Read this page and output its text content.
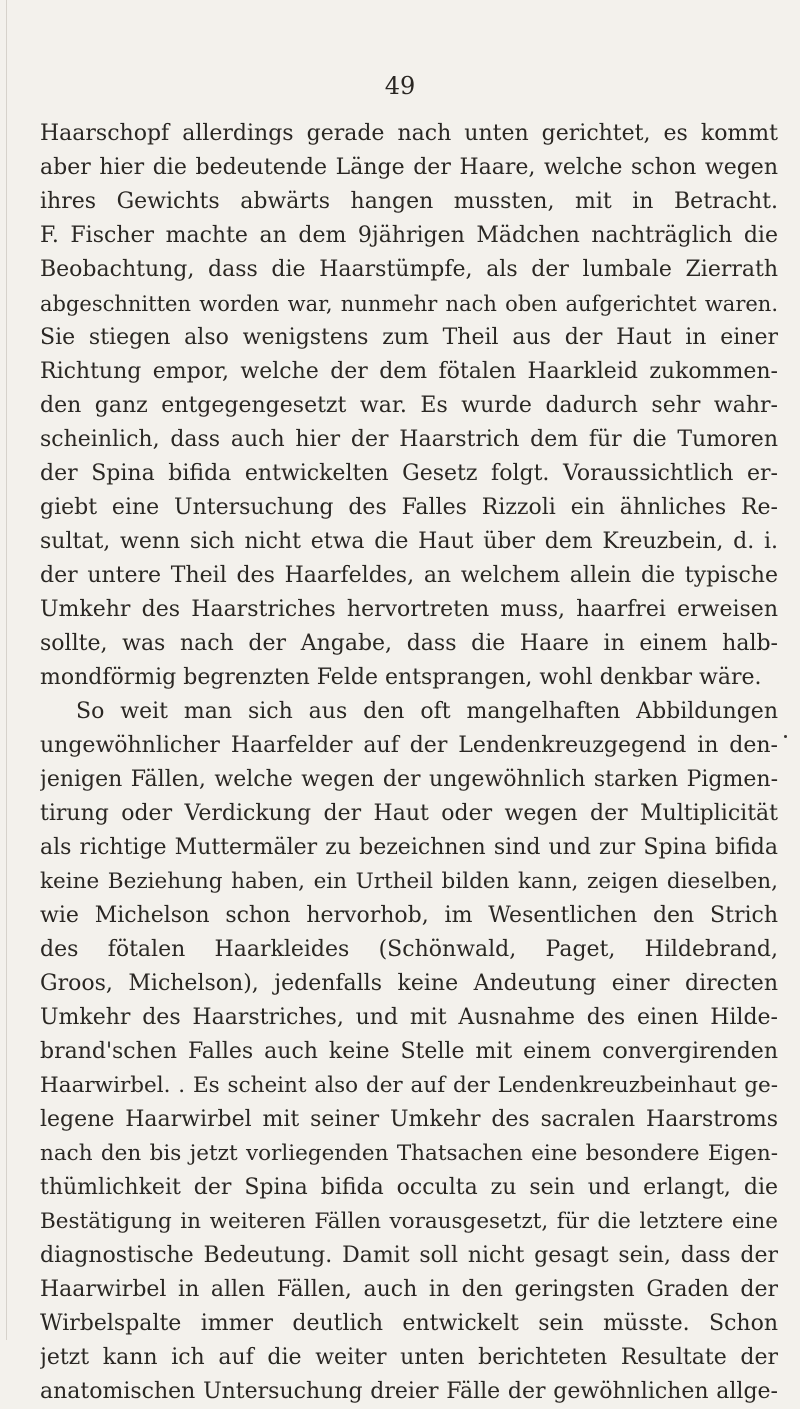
49
Haarschopf allerdings gerade nach unten gerichtet, es kommt
aber hier die bedeutende Länge der Haare, welche schon wegen
ihres Gewichts abwärts hangen mussten, mit in Betracht.
F. Fischer machte an dem 9jährigen Mädchen nachträglich die
Beobachtung, dass die Haarstümpfe, als der lumbale Zierrath
abgeschnitten worden war, nunmehr nach oben aufgerichtet waren.
Sie stiegen also wenigstens zum Theil aus der Haut in einer
Richtung empor, welche der dem fötalen Haarkleid zukommen-
den ganz entgegengesetzt war. Es wurde dadurch sehr wahr-
scheinlich, dass auch hier der Haarstrich dem für die Tumoren
der Spina bifida entwickelten Gesetz folgt. Voraussichtlich er-
giebt eine Untersuchung des Falles Rizzoli ein ähnliches Re-
sultat, wenn sich nicht etwa die Haut über dem Kreuzbein, d. i.
der untere Theil des Haarfeldes, an welchem allein die typische
Umkehr des Haarstriches hervortreten muss, haarfrei erweisen
sollte, was nach der Angabe, dass die Haare in einem halb-
mondförmig begrenzten Felde entsprangen, wohl denkbar wäre.
So weit man sich aus den oft mangelhaften Abbildungen
ungewöhnlicher Haarfelder auf der Lendenkreuzgegend in den-
jenigen Fällen, welche wegen der ungewöhnlich starken Pigmen-
tirung oder Verdickung der Haut oder wegen der Multiplicität
als richtige Muttermäler zu bezeichnen sind und zur Spina bifida
keine Beziehung haben, ein Urtheil bilden kann, zeigen dieselben,
wie Michelson schon hervorhob, im Wesentlichen den Strich
des fötalen Haarkleides (Schönwald, Paget, Hildebrand,
Groos, Michelson), jedenfalls keine Andeutung einer directen
Umkehr des Haarstriches, und mit Ausnahme des einen Hilde-
brand'schen Falles auch keine Stelle mit einem convergirenden
Haarwirbel. . Es scheint also der auf der Lendenkreuzbeinhaut ge-
legene Haarwirbel mit seiner Umkehr des sacralen Haarstroms
nach den bis jetzt vorliegenden Thatsachen eine besondere Eigen-
thümlichkeit der Spina bifida occulta zu sein und erlangt, die
Bestätigung in weiteren Fällen vorausgesetzt, für die letztere eine
diagnostische Bedeutung. Damit soll nicht gesagt sein, dass der
Haarwirbel in allen Fällen, auch in den geringsten Graden der
Wirbelspalte immer deutlich entwickelt sein müsste. Schon
jetzt kann ich auf die weiter unten berichteten Resultate der
anatomischen Untersuchung dreier Fälle der gewöhnlichen allge-
